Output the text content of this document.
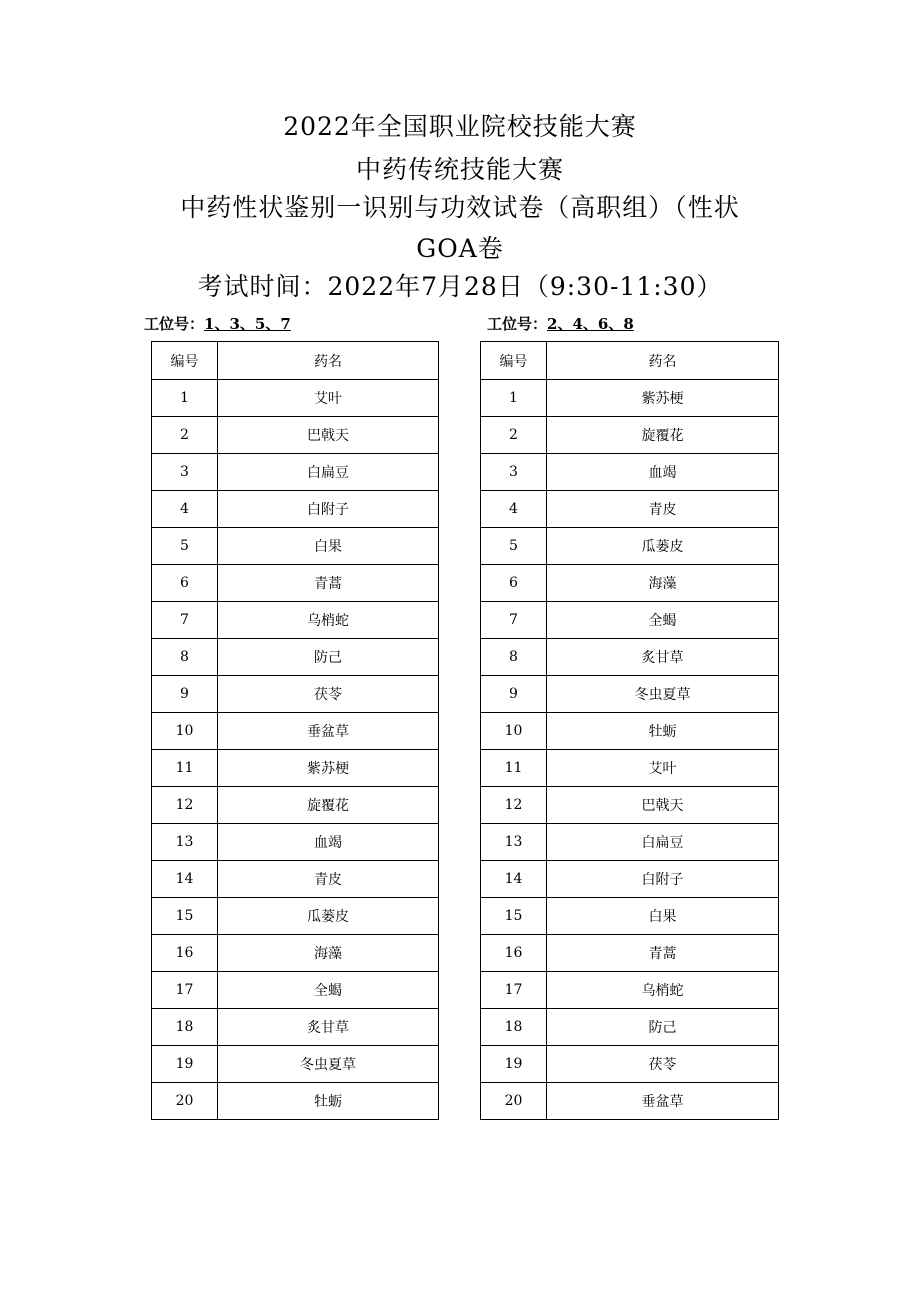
2022年全国职业院校技能大赛
中药传统技能大赛
中药性状鉴别一识别与功效试卷（高职组）（性状
GOA卷
考试时间：2022年7月28日（9:30-11:30）
工位号：1、3、5、7	工位号：2、4、6、8
编号	药名
1	艾叶
2	巴戟天
3	白扁豆
4	白附子
5	白果
6	青蒿
7	乌梢蛇
8	防己
9	茯苓
10	垂盆草
11	紫苏梗
12	旋覆花
13	血竭
14	青皮
15	瓜蒌皮
16	海藻
17	全蝎
18	炙甘草
19	冬虫夏草
20	牡蛎
编号	药名
1	紫苏梗
2	旋覆花
3	血竭
4	青皮
5	瓜蒌皮
6	海藻
7	全蝎
8	炙甘草
9	冬虫夏草
10	牡蛎
11	艾叶
12	巴戟天
13	白扁豆
14	白附子
15	白果
16	青蒿
17	乌梢蛇
18	防己
19	茯苓
20	垂盆草
